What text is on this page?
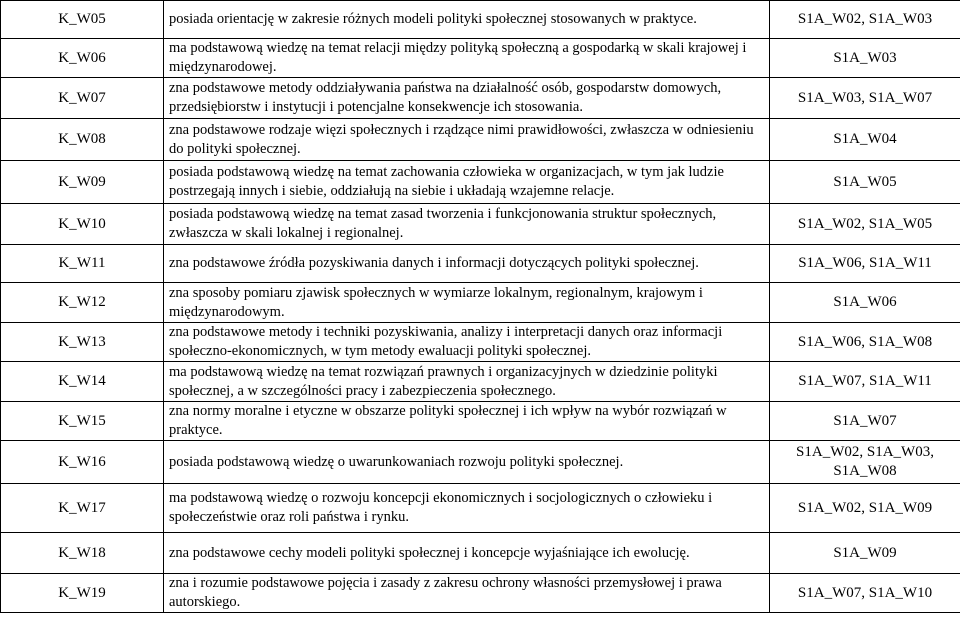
K_W05	posiada orientację w zakresie różnych modeli polityki społecznej stosowanych w praktyce.	S1A_W02, S1A_W03
K_W06	ma podstawową wiedzę na temat relacji między polityką społeczną a gospodarką w skali krajowej i międzynarodowej.	S1A_W03
K_W07	zna podstawowe metody oddziaływania państwa na działalność osób, gospodarstw domowych, przedsiębiorstw i instytucji i potencjalne konsekwencje ich stosowania.	S1A_W03, S1A_W07
K_W08	zna podstawowe rodzaje więzi społecznych i rządzące nimi prawidłowości, zwłaszcza w odniesieniu do polityki społecznej.	S1A_W04
K_W09	posiada podstawową wiedzę na temat zachowania człowieka w organizacjach, w tym jak ludzie postrzegają innych i siebie, oddziałują na siebie i układają wzajemne relacje.	S1A_W05
K_W10	posiada podstawową wiedzę na temat zasad tworzenia i funkcjonowania struktur społecznych, zwłaszcza w skali lokalnej i regionalnej.	S1A_W02, S1A_W05
K_W11	zna podstawowe źródła pozyskiwania danych i informacji dotyczących polityki społecznej.	S1A_W06, S1A_W11
K_W12	zna sposoby pomiaru zjawisk społecznych w wymiarze lokalnym, regionalnym, krajowym i międzynarodowym.	S1A_W06
K_W13	zna podstawowe metody i techniki pozyskiwania, analizy i interpretacji danych oraz informacji społeczno-ekonomicznych, w tym metody ewaluacji polityki społecznej.	S1A_W06, S1A_W08
K_W14	ma podstawową wiedzę na temat rozwiązań prawnych i organizacyjnych w dziedzinie polityki społecznej, a w szczególności pracy i zabezpieczenia społecznego.	S1A_W07, S1A_W11
K_W15	zna normy moralne i etyczne w obszarze polityki społecznej i ich wpływ na wybór rozwiązań w praktyce.	S1A_W07
K_W16	posiada podstawową wiedzę o uwarunkowaniach rozwoju polityki społecznej.	S1A_W02, S1A_W03, S1A_W08
K_W17	ma podstawową wiedzę o rozwoju koncepcji ekonomicznych i socjologicznych o człowieku i społeczeństwie oraz roli państwa i rynku.	S1A_W02, S1A_W09
K_W18	zna podstawowe cechy modeli polityki społecznej i koncepcje wyjaśniające ich ewolucję.	S1A_W09
K_W19	zna i rozumie podstawowe pojęcia i zasady z zakresu ochrony własności przemysłowej i prawa autorskiego.	S1A_W07, S1A_W10
